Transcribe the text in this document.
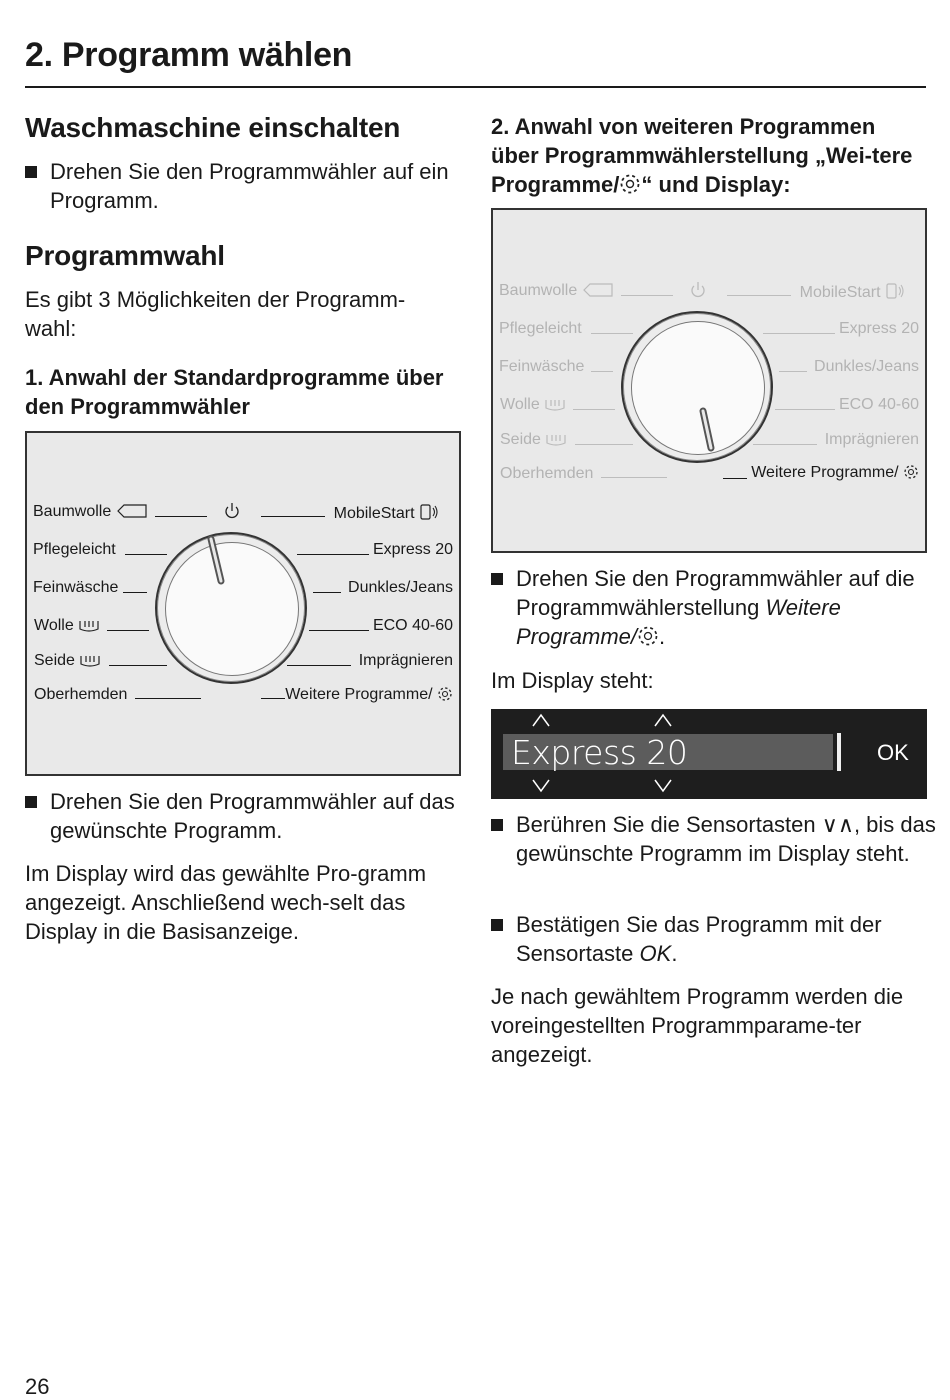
2. Programm wählen
Waschmaschine einschalten
Drehen Sie den Programmwähler auf ein Programm.
Programmwahl

Es gibt 3 Möglichkeiten der Programm-wahl:

1. Anwahl der Standardprogramme über den Programmwähler
Baumwolle
Pflegeleicht
Feinwäsche
Wolle
Seide
Oberhemden
MobileStart
Express 20
Dunkles/Jeans
ECO 40-60
Imprägnieren
Weitere Programme/
Drehen Sie den Programmwähler auf das gewünschte Programm.

Im Display wird das gewählte Pro-gramm angezeigt. Anschließend wech-selt das Display in die Basisanzeige.

2. Anwahl von weiteren Programmen über Programmwählerstellung „Wei-tere Programme/ “ und Display:
Baumwolle
Pflegeleicht
Feinwäsche
Wolle
Seide
Oberhemden
MobileStart
Express 20
Dunkles/Jeans
ECO 40-60
Imprägnieren
Weitere Programme/
Drehen Sie den Programmwähler auf die Programmwählerstellung Weitere Programme/ .

Im Display steht:

Express 20	OK
Berühren Sie die Sensortasten ∨∧, bis das gewünschte Programm im Display steht.
Bestätigen Sie das Programm mit der Sensortaste OK.

Je nach gewähltem Programm werden die voreingestellten Programmparame-ter angezeigt.

26
